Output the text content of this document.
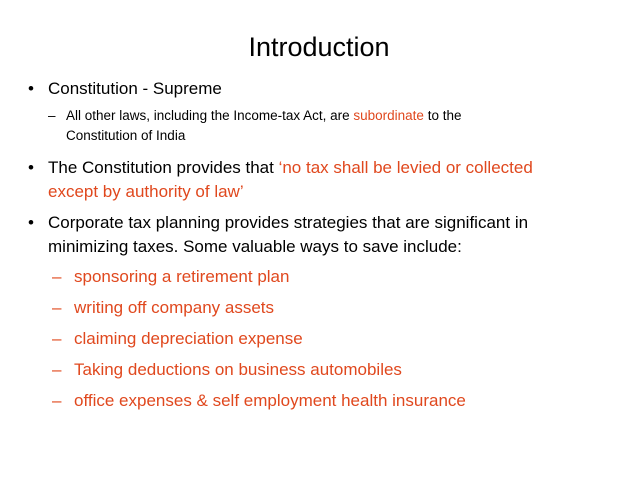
Introduction
• Constitution - Supreme
– All other laws, including the Income-tax Act, are subordinate to the
Constitution of India
• The Constitution provides that ‘no tax shall be levied or collected
except by authority of law’
• Corporate tax planning provides strategies that are significant in
minimizing taxes. Some valuable ways to save include:
– sponsoring a retirement plan
– writing off company assets
– claiming depreciation expense
– Taking deductions on business automobiles
– office expenses & self employment health insurance
